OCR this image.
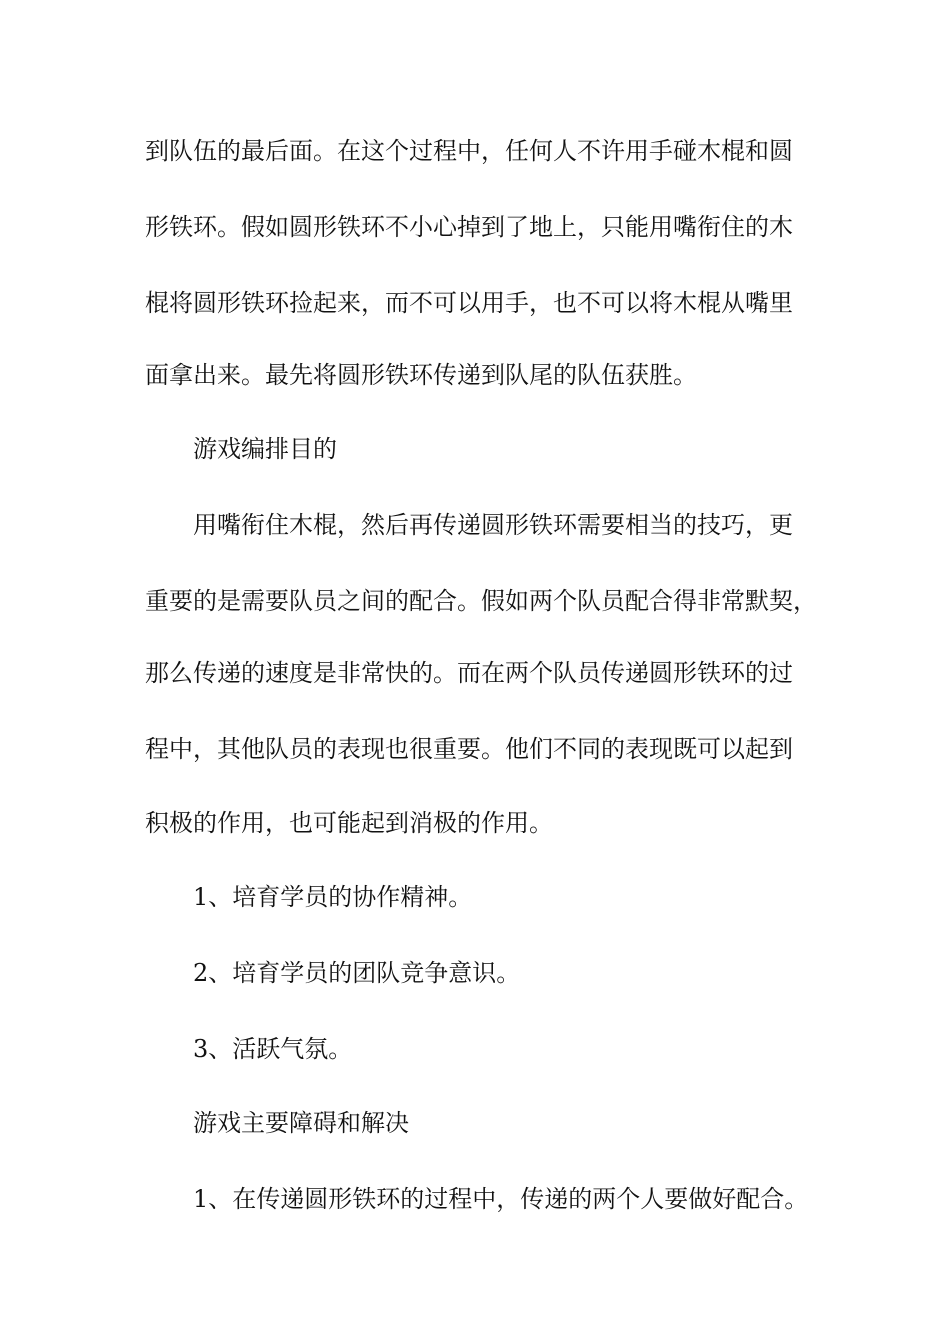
到队伍的最后面。在这个过程中，任何人不许用手碰木棍和圆

形铁环。假如圆形铁环不小心掉到了地上，只能用嘴衔住的木

棍将圆形铁环捡起来，而不可以用手，也不可以将木棍从嘴里

面拿出来。最先将圆形铁环传递到队尾的队伍获胜。

游戏编排目的

用嘴衔住木棍，然后再传递圆形铁环需要相当的技巧，更

重要的是需要队员之间的配合。假如两个队员配合得非常默契，

那么传递的速度是非常快的。而在两个队员传递圆形铁环的过

程中，其他队员的表现也很重要。他们不同的表现既可以起到

积极的作用，也可能起到消极的作用。

1、培育学员的协作精神。

2、培育学员的团队竞争意识。

3、活跃气氛。

游戏主要障碍和解决

1、在传递圆形铁环的过程中，传递的两个人要做好配合。
